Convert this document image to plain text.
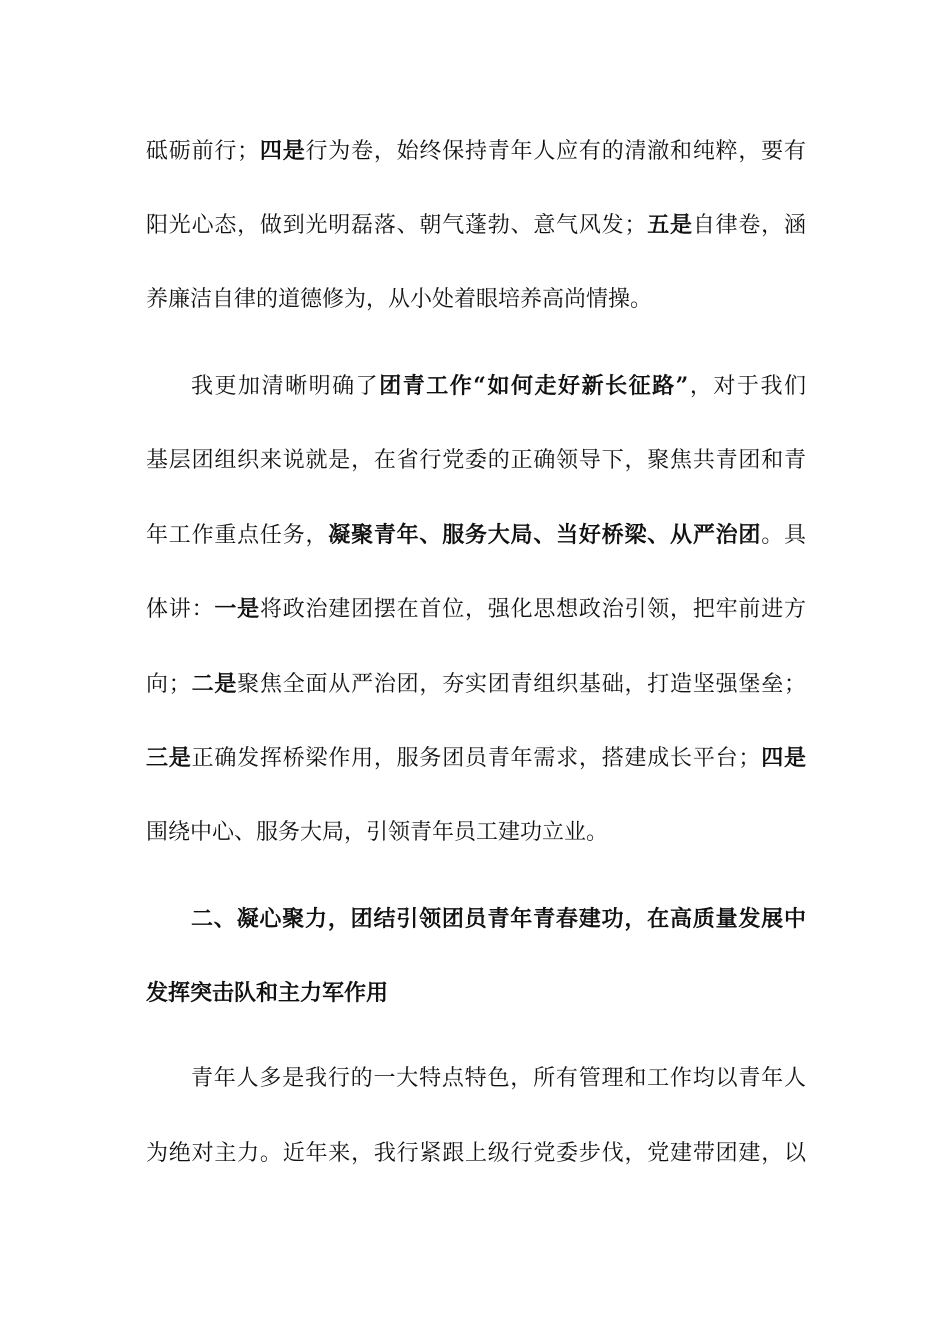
砥砺前行；四是行为卷，始终保持青年人应有的清澈和纯粹，要有
阳光心态，做到光明磊落、朝气蓬勃、意气风发；五是自律卷，涵
养廉洁自律的道德修为，从小处着眼培养高尚情操。
我更加清晰明确了团青工作“如何走好新长征路”，对于我们
基层团组织来说就是，在省行党委的正确领导下，聚焦共青团和青
年工作重点任务，凝聚青年、服务大局、当好桥梁、从严治团。具
体讲：一是将政治建团摆在首位，强化思想政治引领，把牢前进方
向；二是聚焦全面从严治团，夯实团青组织基础，打造坚强堡垒；
三是正确发挥桥梁作用，服务团员青年需求，搭建成长平台；四是
围绕中心、服务大局，引领青年员工建功立业。
二、凝心聚力，团结引领团员青年青春建功，在高质量发展中
发挥突击队和主力军作用
青年人多是我行的一大特点特色，所有管理和工作均以青年人
为绝对主力。近年来，我行紧跟上级行党委步伐，党建带团建，以
